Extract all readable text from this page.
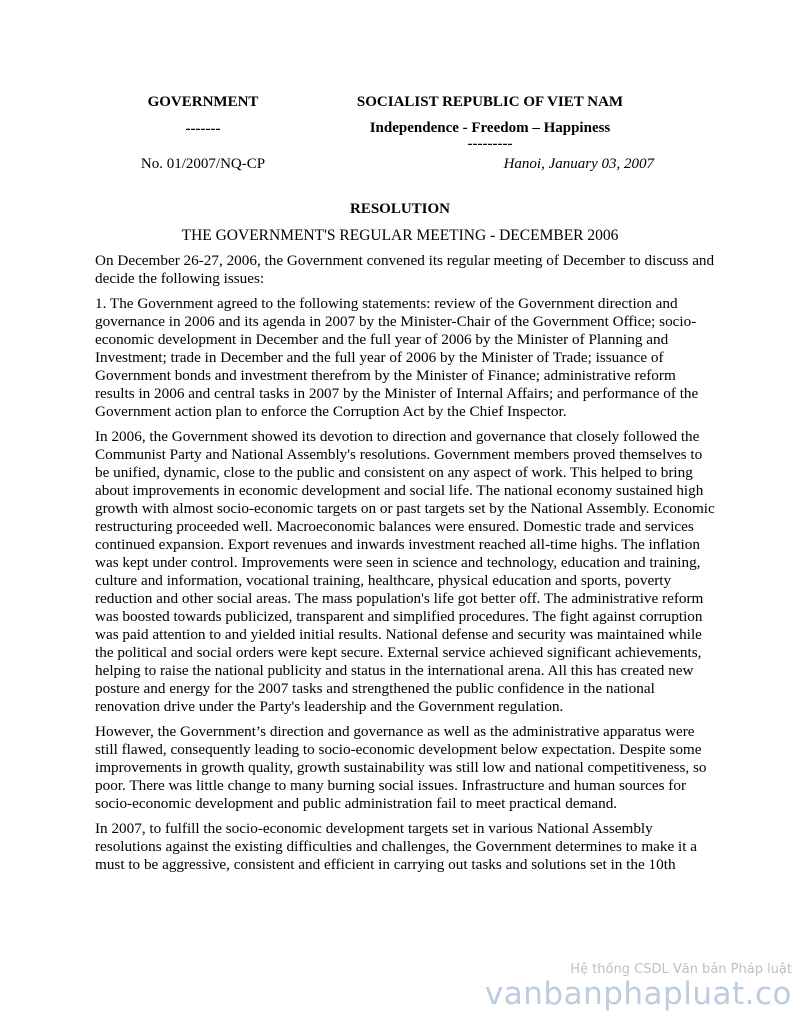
GOVERNMENT
-------
No. 01/2007/NQ-CP
SOCIALIST REPUBLIC OF VIET NAM
Independence - Freedom – Happiness
---------
Hanoi, January 03, 2007
RESOLUTION
THE GOVERNMENT'S REGULAR MEETING - DECEMBER 2006

On December 26-27, 2006, the Government convened its regular meeting of December to discuss and decide the following issues:

1. The Government agreed to the following statements: review of the Government direction and governance in 2006 and its agenda in 2007 by the Minister-Chair of the Government Office; socio-economic development in December and the full year of 2006 by the Minister of Planning and Investment; trade in December and the full year of 2006 by the Minister of Trade; issuance of Government bonds and investment therefrom by the Minister of Finance; administrative reform results in 2006 and central tasks in 2007 by the Minister of Internal Affairs; and performance of the Government action plan to enforce the Corruption Act by the Chief Inspector.

In 2006, the Government showed its devotion to direction and governance that closely followed the Communist Party and National Assembly's resolutions. Government members proved themselves to be unified, dynamic, close to the public and consistent on any aspect of work. This helped to bring about improvements in economic development and social life. The national economy sustained high growth with almost socio-economic targets on or past targets set by the National Assembly. Economic restructuring proceeded well. Macroeconomic balances were ensured. Domestic trade and services continued expansion. Export revenues and inwards investment reached all-time highs. The inflation was kept under control. Improvements were seen in science and technology, education and training, culture and information, vocational training, healthcare, physical education and sports, poverty reduction and other social areas. The mass population's life got better off. The administrative reform was boosted towards publicized, transparent and simplified procedures. The fight against corruption was paid attention to and yielded initial results. National defense and security was maintained while the political and social orders were kept secure. External service achieved significant achievements, helping to raise the national publicity and status in the international arena. All this has created new posture and energy for the 2007 tasks and strengthened the public confidence in the national renovation drive under the Party's leadership and the Government regulation.

However, the Government’s direction and governance as well as the administrative apparatus were still flawed, consequently leading to socio-economic development below expectation. Despite some improvements in growth quality, growth sustainability was still low and national competitiveness, so poor. There was little change to many burning social issues. Infrastructure and human sources for socio-economic development and public administration fail to meet practical demand.

In 2007, to fulfill the socio-economic development targets set in various National Assembly resolutions against the existing difficulties and challenges, the Government determines to make it a must to be aggressive, consistent and efficient in carrying out tasks and solutions set in the 10th

Hệ thống CSDL Văn bản Pháp luật
vanbanphapluat.co
